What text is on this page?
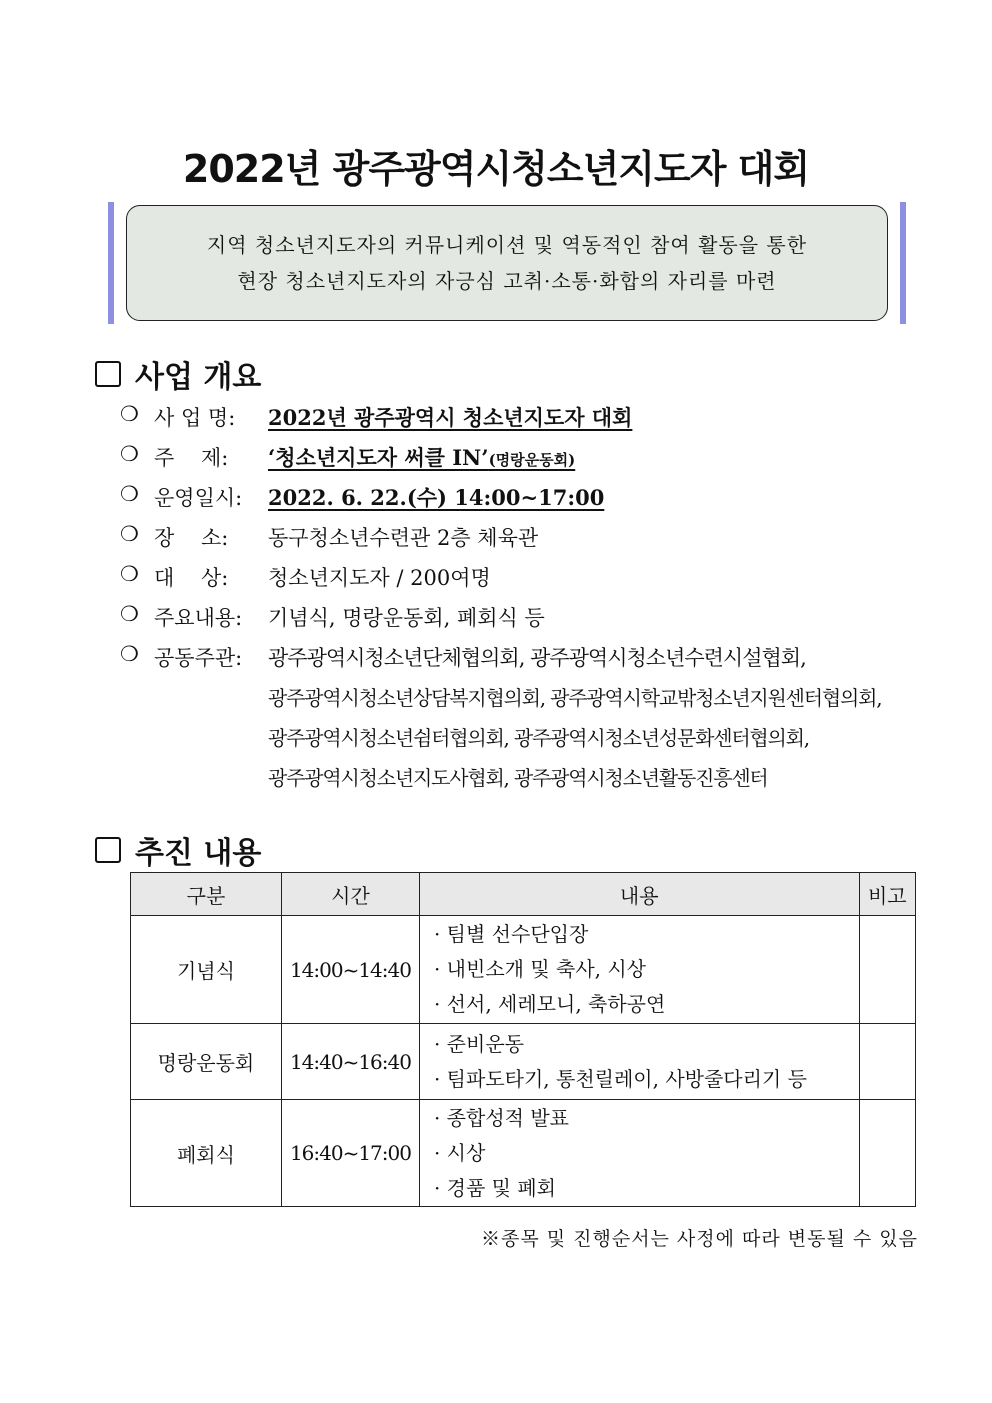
2022년 광주광역시청소년지도자 대회
지역 청소년지도자의 커뮤니케이션 및 역동적인 참여 활동을 통한
현장 청소년지도자의 자긍심 고취·소통·화합의 자리를 마련
사업 개요
❍ 사 업 명:	2022년 광주광역시 청소년지도자 대회
❍ 주    제:	‘청소년지도자 써클 IN’(명랑운동회)
❍ 운영일시:	2022. 6. 22.(수) 14:00~17:00
❍ 장    소:	동구청소년수련관 2층 체육관
❍ 대    상:	청소년지도자 / 200여명
❍ 주요내용:	기념식, 명랑운동회, 폐회식 등
❍ 공동주관:	광주광역시청소년단체협의회, 광주광역시청소년수련시설협회,
광주광역시청소년상담복지협의회, 광주광역시학교밖청소년지원센터협의회,
광주광역시청소년쉼터협의회, 광주광역시청소년성문화센터협의회,
광주광역시청소년지도사협회, 광주광역시청소년활동진흥센터
추진 내용
구분	시간	내용	비고
기념식	14:00~14:40	· 팀별 선수단입장
· 내빈소개 및 축사, 시상
· 선서, 세레모니, 축하공연	

명랑운동회	14:40~16:40	· 준비운동
· 팀파도타기, 통천릴레이, 사방줄다리기 등	

폐회식	16:40~17:00	· 종합성적 발표
· 시상
· 경품 및 폐회	

※종목 및 진행순서는 사정에 따라 변동될 수 있음
